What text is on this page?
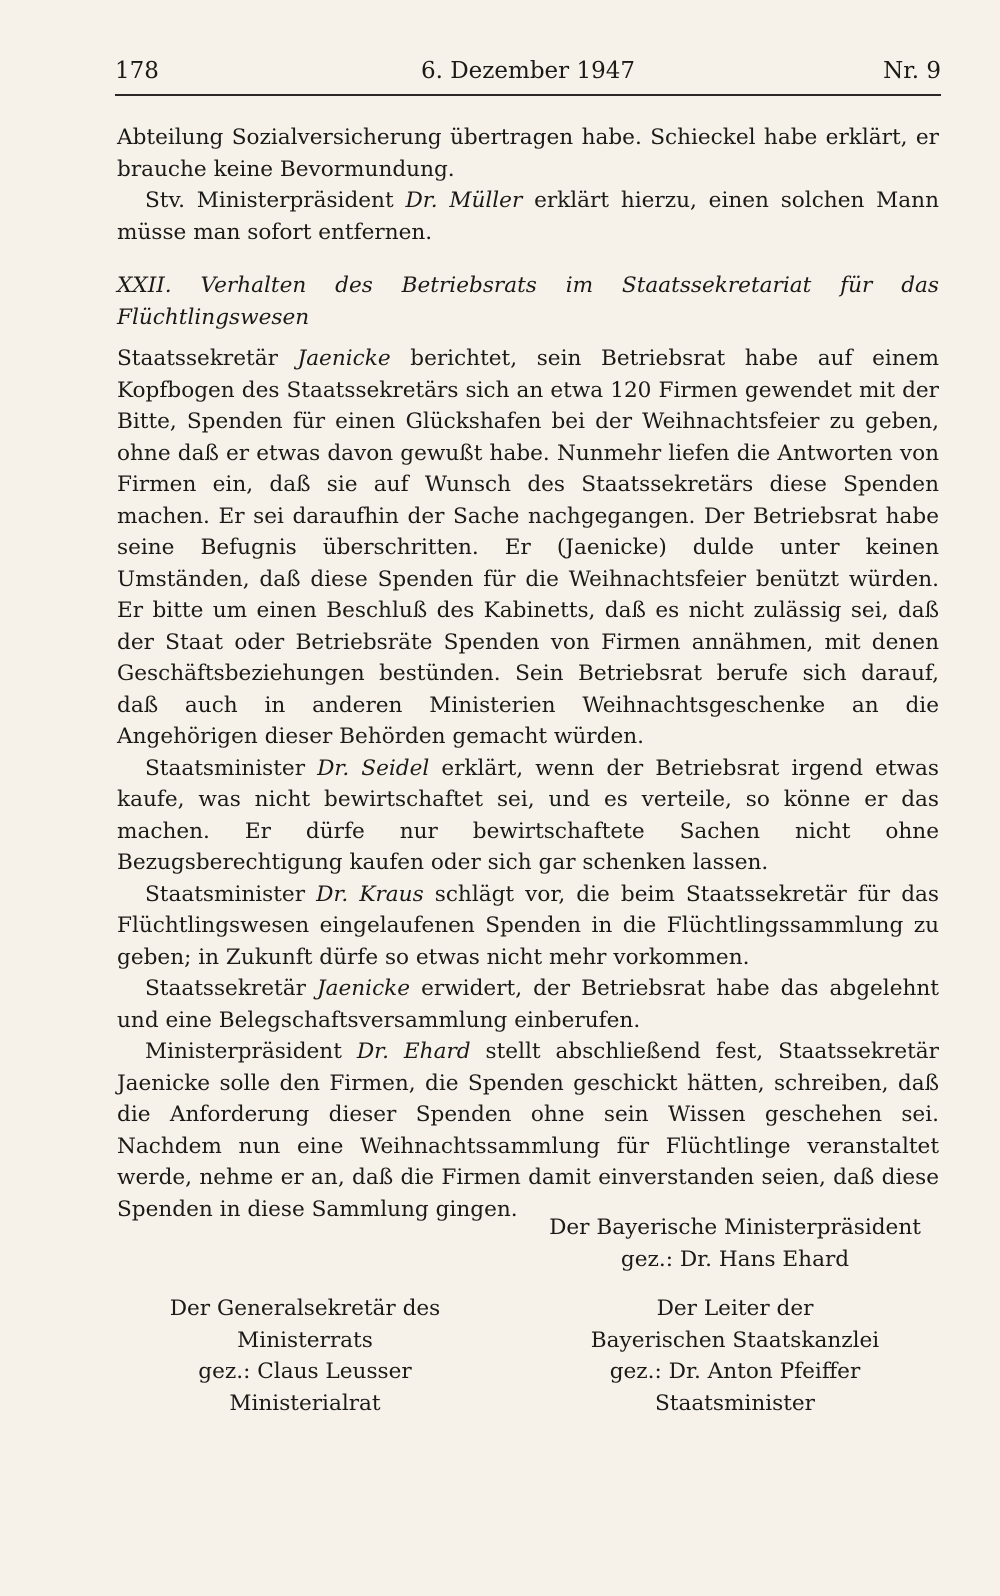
178	6. Dezember 1947	Nr. 9

Abteilung Sozialversicherung übertragen habe. Schieckel habe erklärt, er brauche keine Bevormundung.

Stv. Ministerpräsident Dr. Müller erklärt hierzu, einen solchen Mann müsse man sofort entfernen.

XXII. Verhalten des Betriebsrats im Staatssekretariat für das Flüchtlingswesen

Staatssekretär Jaenicke berichtet, sein Betriebsrat habe auf einem Kopfbogen des Staatssekretärs sich an etwa 120 Firmen gewendet mit der Bitte, Spenden für einen Glückshafen bei der Weihnachtsfeier zu geben, ohne daß er etwas davon gewußt habe. Nunmehr liefen die Antworten von Firmen ein, daß sie auf Wunsch des Staatssekretärs diese Spenden machen. Er sei daraufhin der Sache nachgegangen. Der Betriebsrat habe seine Befugnis überschritten. Er (Jaenicke) dulde unter keinen Umständen, daß diese Spenden für die Weihnachtsfeier benützt würden. Er bitte um einen Beschluß des Kabinetts, daß es nicht zulässig sei, daß der Staat oder Betriebsräte Spenden von Firmen annähmen, mit denen Geschäftsbeziehungen bestünden. Sein Betriebsrat berufe sich darauf, daß auch in anderen Ministerien Weihnachtsgeschenke an die Angehörigen dieser Behörden gemacht würden.

Staatsminister Dr. Seidel erklärt, wenn der Betriebsrat irgend etwas kaufe, was nicht bewirtschaftet sei, und es verteile, so könne er das machen. Er dürfe nur bewirtschaftete Sachen nicht ohne Bezugsberechtigung kaufen oder sich gar schenken lassen.

Staatsminister Dr. Kraus schlägt vor, die beim Staatssekretär für das Flüchtlingswesen eingelaufenen Spenden in die Flüchtlingssammlung zu geben; in Zukunft dürfe so etwas nicht mehr vorkommen.

Staatssekretär Jaenicke erwidert, der Betriebsrat habe das abgelehnt und eine Belegschaftsversammlung einberufen.

Ministerpräsident Dr. Ehard stellt abschließend fest, Staatssekretär Jaenicke solle den Firmen, die Spenden geschickt hätten, schreiben, daß die Anforderung dieser Spenden ohne sein Wissen geschehen sei. Nachdem nun eine Weihnachtssammlung für Flüchtlinge veranstaltet werde, nehme er an, daß die Firmen damit einverstanden seien, daß diese Spenden in diese Sammlung gingen.

Der Bayerische Ministerpräsident
gez.: Dr. Hans Ehard
Der Generalsekretär des
Ministerrats
gez.: Claus Leusser
Ministerialrat
Der Leiter der
Bayerischen Staatskanzlei
gez.: Dr. Anton Pfeiffer
Staatsminister
